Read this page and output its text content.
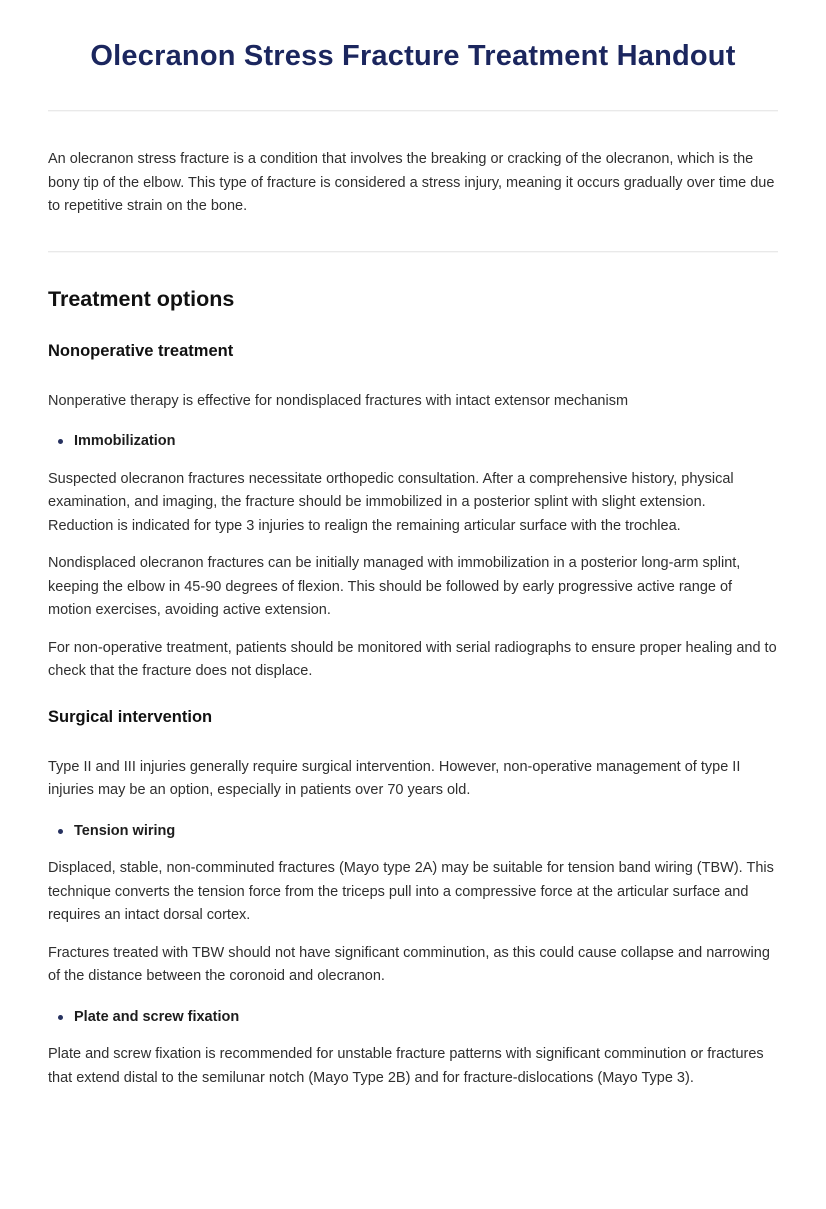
Olecranon Stress Fracture Treatment Handout

An olecranon stress fracture is a condition that involves the breaking or cracking of the olecranon, which is the bony tip of the elbow. This type of fracture is considered a stress injury, meaning it occurs gradually over time due to repetitive strain on the bone.

Treatment options
Nonoperative treatment

Nonperative therapy is effective for nondisplaced fractures with intact extensor mechanism

Immobilization

Suspected olecranon fractures necessitate orthopedic consultation. After a comprehensive history, physical examination, and imaging, the fracture should be immobilized in a posterior splint with slight extension.  Reduction is indicated for type 3 injuries to realign the remaining articular surface with the trochlea.

Nondisplaced olecranon fractures can be initially managed with immobilization in a posterior long-arm splint, keeping the elbow in 45-90 degrees of flexion. This should be followed by early progressive active range of motion exercises, avoiding active extension.

For non-operative treatment, patients should be monitored with serial radiographs to ensure proper healing and to check that the fracture does not displace.

Surgical intervention

Type II and III injuries generally require surgical intervention. However, non-operative management of type II injuries may be an option, especially in patients over 70 years old.

Tension wiring

Displaced, stable, non-comminuted fractures (Mayo type 2A) may be suitable for tension band wiring (TBW). This technique converts the tension force from the triceps pull into a compressive force at the articular surface and requires an intact dorsal cortex.

Fractures treated with TBW should not have significant comminution, as this could cause collapse and narrowing of the distance between the coronoid and olecranon.

Plate and screw fixation

Plate and screw fixation is recommended for unstable fracture patterns with significant comminution or fractures that extend distal to the semilunar notch (Mayo Type 2B) and for fracture-dislocations (Mayo Type 3).
